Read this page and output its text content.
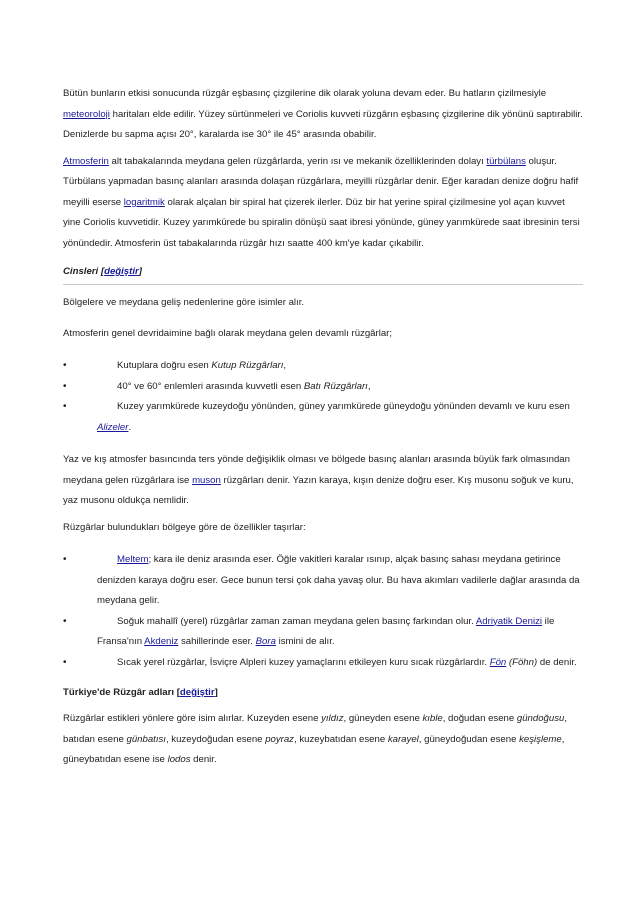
Bütün bunların etkisi sonucunda rüzgâr eşbasınç çizgilerine dik olarak yoluna devam eder. Bu hatların çizilmesiyle meteoroloji haritaları elde edilir. Yüzey sürtünmeleri ve Coriolis kuvveti rüzgârın eşbasınç çizgilerine dik yönünü saptırabilir. Denizlerde bu sapma açısı 20°, karalarda ise 30° ile 45° arasında obabilir.

Atmosferin alt tabakalarında meydana gelen rüzgârlarda, yerin ısı ve mekanik özelliklerinden dolayı türbülans oluşur. Türbülans yapmadan basınç alanları arasında dolaşan rüzgârlara, meyilli rüzgârlar denir. Eğer karadan denize doğru hafif meyilli eserse logaritmik olarak alçalan bir spiral hat çizerek ilerler. Düz bir hat yerine spiral çizilmesine yol açan kuvvet yine Coriolis kuvvetidir. Kuzey yarımkürede bu spiralin dönüşü saat ibresi yönünde, güney yarımkürede saat ibresinin tersi yönündedir. Atmosferin üst tabakalarında rüzgâr hızı saatte 400 km'ye kadar çıkabilir.

Cinsleri [değiştir]

Bölgelere ve meydana geliş nedenlerine göre isimler alır.

Atmosferin genel devridaimine bağlı olarak meydana gelen devamlı rüzgârlar;

•	Kutuplara doğru esen Kutup Rüzgârları,
•	40° ve 60° enlemleri arasında kuvvetli esen Batı Rüzgârları,
•	Kuzey yarımkürede kuzeydoğu yönünden, güney yarımkürede güneydoğu yönünden devamlı ve kuru esen Alizeler.

Yaz ve kış atmosfer basıncında ters yönde değişiklik olması ve bölgede basınç alanları arasında büyük fark olmasından meydana gelen rüzgârlara ise muson rüzgârları denir. Yazın karaya, kışın denize doğru eser. Kış musonu soğuk ve kuru, yaz musonu oldukça nemlidir.

Rüzgârlar bulundukları bölgeye göre de özellikler taşırlar:

•	Meltem; kara ile deniz arasında eser. Öğle vakitleri karalar ısınıp, alçak basınç sahası meydana getirince denizden karaya doğru eser. Gece bunun tersi çok daha yavaş olur. Bu hava akımları vadilerle dağlar arasında da meydana gelir.
•	Soğuk mahallî (yerel) rüzgârlar zaman zaman meydana gelen basınç farkından olur. Adriyatik Denizi ile Fransa'nın Akdeniz sahillerinde eser. Bora ismini de alır.
•	Sıcak yerel rüzgârlar, İsviçre Alpleri kuzey yamaçlarını etkileyen kuru sıcak rüzgârlardır. Fön (Föhn) de denir.

Türkiye'de Rüzgâr adları [değiştir]

Rüzgârlar estikleri yönlere göre isim alırlar. Kuzeyden esene yıldız, güneyden esene kıble, doğudan esene gündoğusu, batıdan esene günbatısı, kuzeydoğudan esene poyraz, kuzeybatıdan esene karayel, güneydoğudan esene keşişleme, güneybatıdan esene ise lodos denir.
